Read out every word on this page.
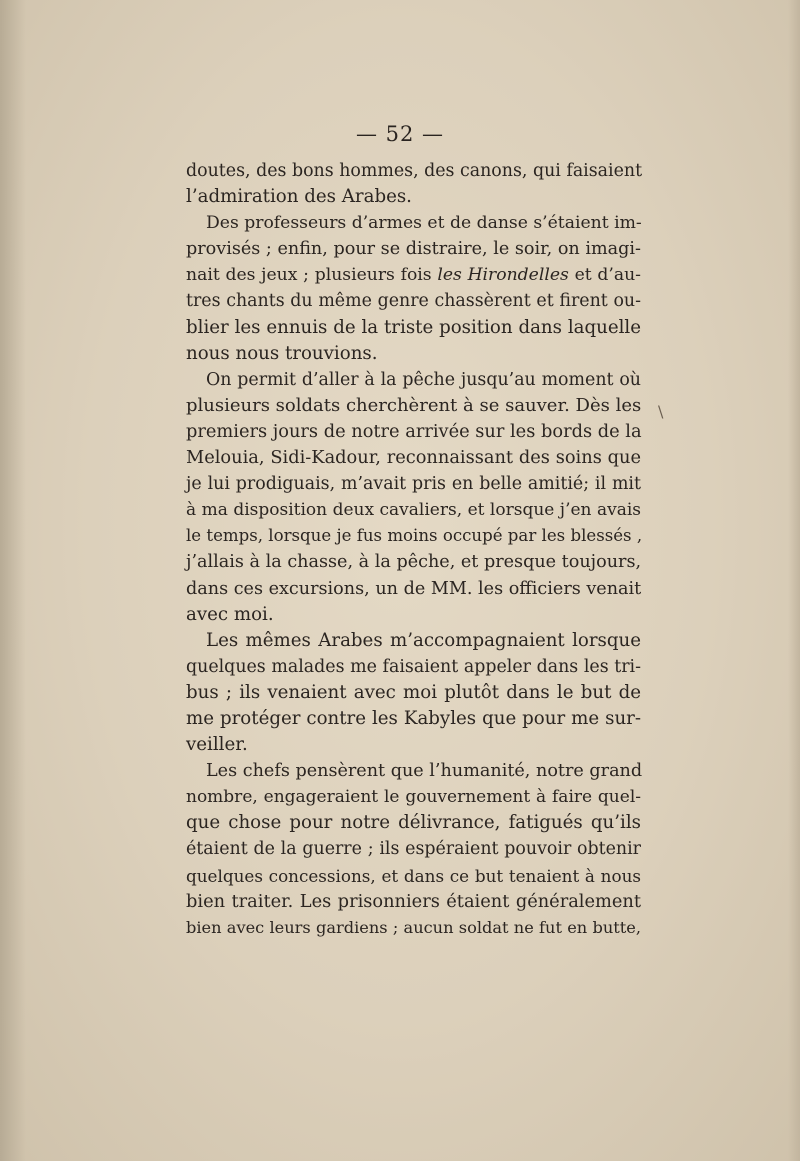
— 52 —
doutes, des bons hommes, des canons, qui faisaient
l’admiration des Arabes.
Des professeurs d’armes et de danse s’étaient im-
provisés ; enfin, pour se distraire, le soir, on imagi-
nait des jeux ; plusieurs fois les Hirondelles et d’au-
tres chants du même genre chassèrent et firent ou-
blier les ennuis de la triste position dans laquelle
nous nous trouvions.
On permit d’aller à la pêche jusqu’au moment où
plusieurs soldats cherchèrent à se sauver. Dès les
premiers jours de notre arrivée sur les bords de la
Melouia, Sidi-Kadour, reconnaissant des soins que
je lui prodiguais, m’avait pris en belle amitié; il mit
à ma disposition deux cavaliers, et lorsque j’en avais
le temps, lorsque je fus moins occupé par les blessés ,
j’allais à la chasse, à la pêche, et presque toujours,
dans ces excursions, un de MM. les officiers venait
avec moi.
Les mêmes Arabes m’accompagnaient lorsque
quelques malades me faisaient appeler dans les tri-
bus ; ils venaient avec moi plutôt dans le but de
me protéger contre les Kabyles que pour me sur-
veiller.
Les chefs pensèrent que l’humanité, notre grand
nombre, engageraient le gouvernement à faire quel-
que chose pour notre délivrance, fatigués qu’ils
étaient de la guerre ; ils espéraient pouvoir obtenir
quelques concessions, et dans ce but tenaient à nous
bien traiter. Les prisonniers étaient généralement
bien avec leurs gardiens ; aucun soldat ne fut en butte,
\
